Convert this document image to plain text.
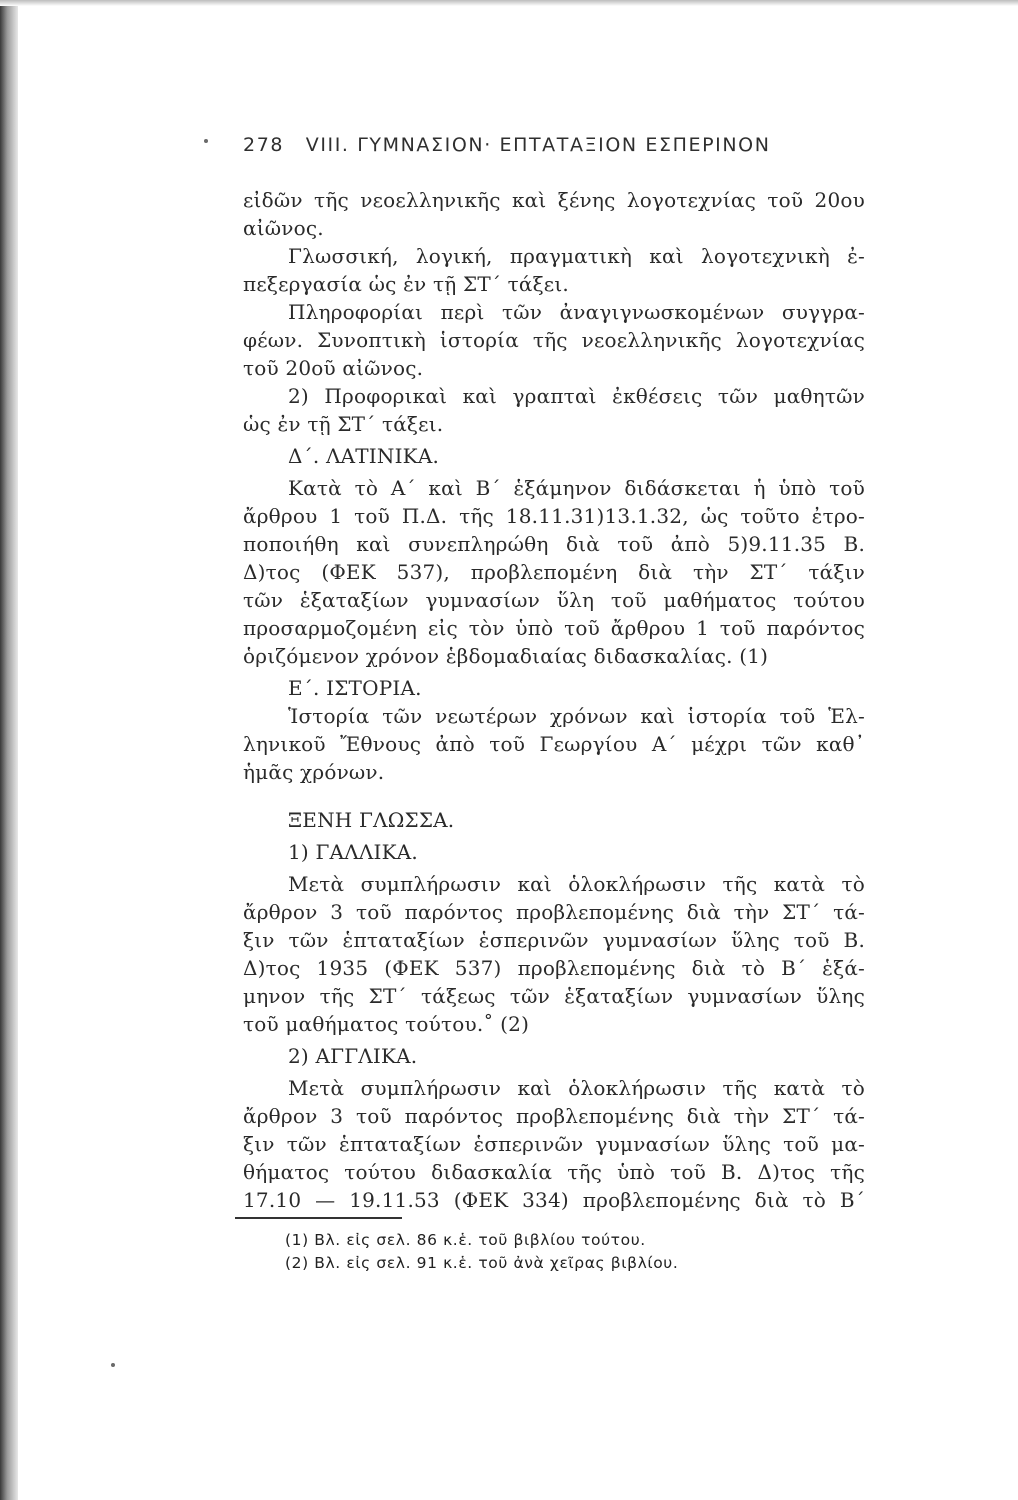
278 VIII. ΓΥΜΝΑΣΙΟΝ· ΕΠΤΑΤΑΞΙΟΝ ΕΣΠΕΡΙΝΟΝ

εἰδῶν τῆς νεοελληνικῆς καὶ ξένης λογοτεχνίας τοῦ 20ου
αἰῶνος.

Γλωσσική, λογική, πραγματικὴ καὶ λογοτεχνικὴ ἐ-
πεξεργασία ὡς ἐν τῇ ΣΤ΄ τάξει.

Πληροφορίαι περὶ τῶν ἀναγιγνωσκομένων συγγρα-
φέων. Συνοπτικὴ ἱστορία τῆς νεοελληνικῆς λογοτεχνίας
τοῦ 20οῦ αἰῶνος.

2) Προφορικαὶ καὶ γραπταὶ ἐκθέσεις τῶν μαθητῶν
ὡς ἐν τῇ ΣΤ΄ τάξει.

Δ΄. ΛΑΤΙΝΙΚΑ.

Κατὰ τὸ Α΄ καὶ Β΄ ἑξάμηνον διδάσκεται ἡ ὑπὸ τοῦ
ἄρθρου 1 τοῦ Π.Δ. τῆς 18.11.31)13.1.32, ὡς τοῦτο ἐτρο-
ποποιήθη καὶ συνεπληρώθη διὰ τοῦ ἀπὸ 5)9.11.35 Β.
Δ)τος (ΦΕΚ 537), προβλεπομένη διὰ τὴν ΣΤ΄ τάξιν
τῶν ἑξαταξίων γυμνασίων ὕλη τοῦ μαθήματος τούτου
προσαρμοζομένη εἰς τὸν ὑπὸ τοῦ ἄρθρου 1 τοῦ παρόντος
ὁριζόμενον χρόνον ἑβδομαδιαίας διδασκαλίας. (1)

Ε΄. ΙΣΤΟΡΙΑ.

Ἱστορία τῶν νεωτέρων χρόνων καὶ ἱστορία τοῦ Ἑλ-
ληνικοῦ Ἔθνους ἀπὸ τοῦ Γεωργίου Α΄ μέχρι τῶν καθ᾽
ἡμᾶς χρόνων.

ΞΕΝΗ ΓΛΩΣΣΑ.
1) ΓΑΛΛΙΚΑ.

Μετὰ συμπλήρωσιν καὶ ὁλοκλήρωσιν τῆς κατὰ τὸ
ἄρθρον 3 τοῦ παρόντος προβλεπομένης διὰ τὴν ΣΤ΄ τά-
ξιν τῶν ἑπταταξίων ἑσπερινῶν γυμνασίων ὕλης τοῦ Β.
Δ)τος 1935 (ΦΕΚ 537) προβλεπομένης διὰ τὸ Β΄ ἑξά-
μηνον τῆς ΣΤ΄ τάξεως τῶν ἑξαταξίων γυμνασίων ὕλης
τοῦ μαθήματος τούτου.˚ (2)

2) ΑΓΓΛΙΚΑ.

Μετὰ συμπλήρωσιν καὶ ὁλοκλήρωσιν τῆς κατὰ τὸ
ἄρθρον 3 τοῦ παρόντος προβλεπομένης διὰ τὴν ΣΤ΄ τά-
ξιν τῶν ἑπταταξίων ἑσπερινῶν γυμνασίων ὕλης τοῦ μα-
θήματος τούτου διδασκαλία τῆς ὑπὸ τοῦ Β. Δ)τος τῆς
17.10 — 19.11.53 (ΦΕΚ 334) προβλεπομένης διὰ τὸ Β΄

(1) Βλ. εἰς σελ. 86 κ.ἑ. τοῦ βιβλίου τούτου.
(2) Βλ. εἰς σελ. 91 κ.ἑ. τοῦ ἀνὰ χεῖρας βιβλίου.
